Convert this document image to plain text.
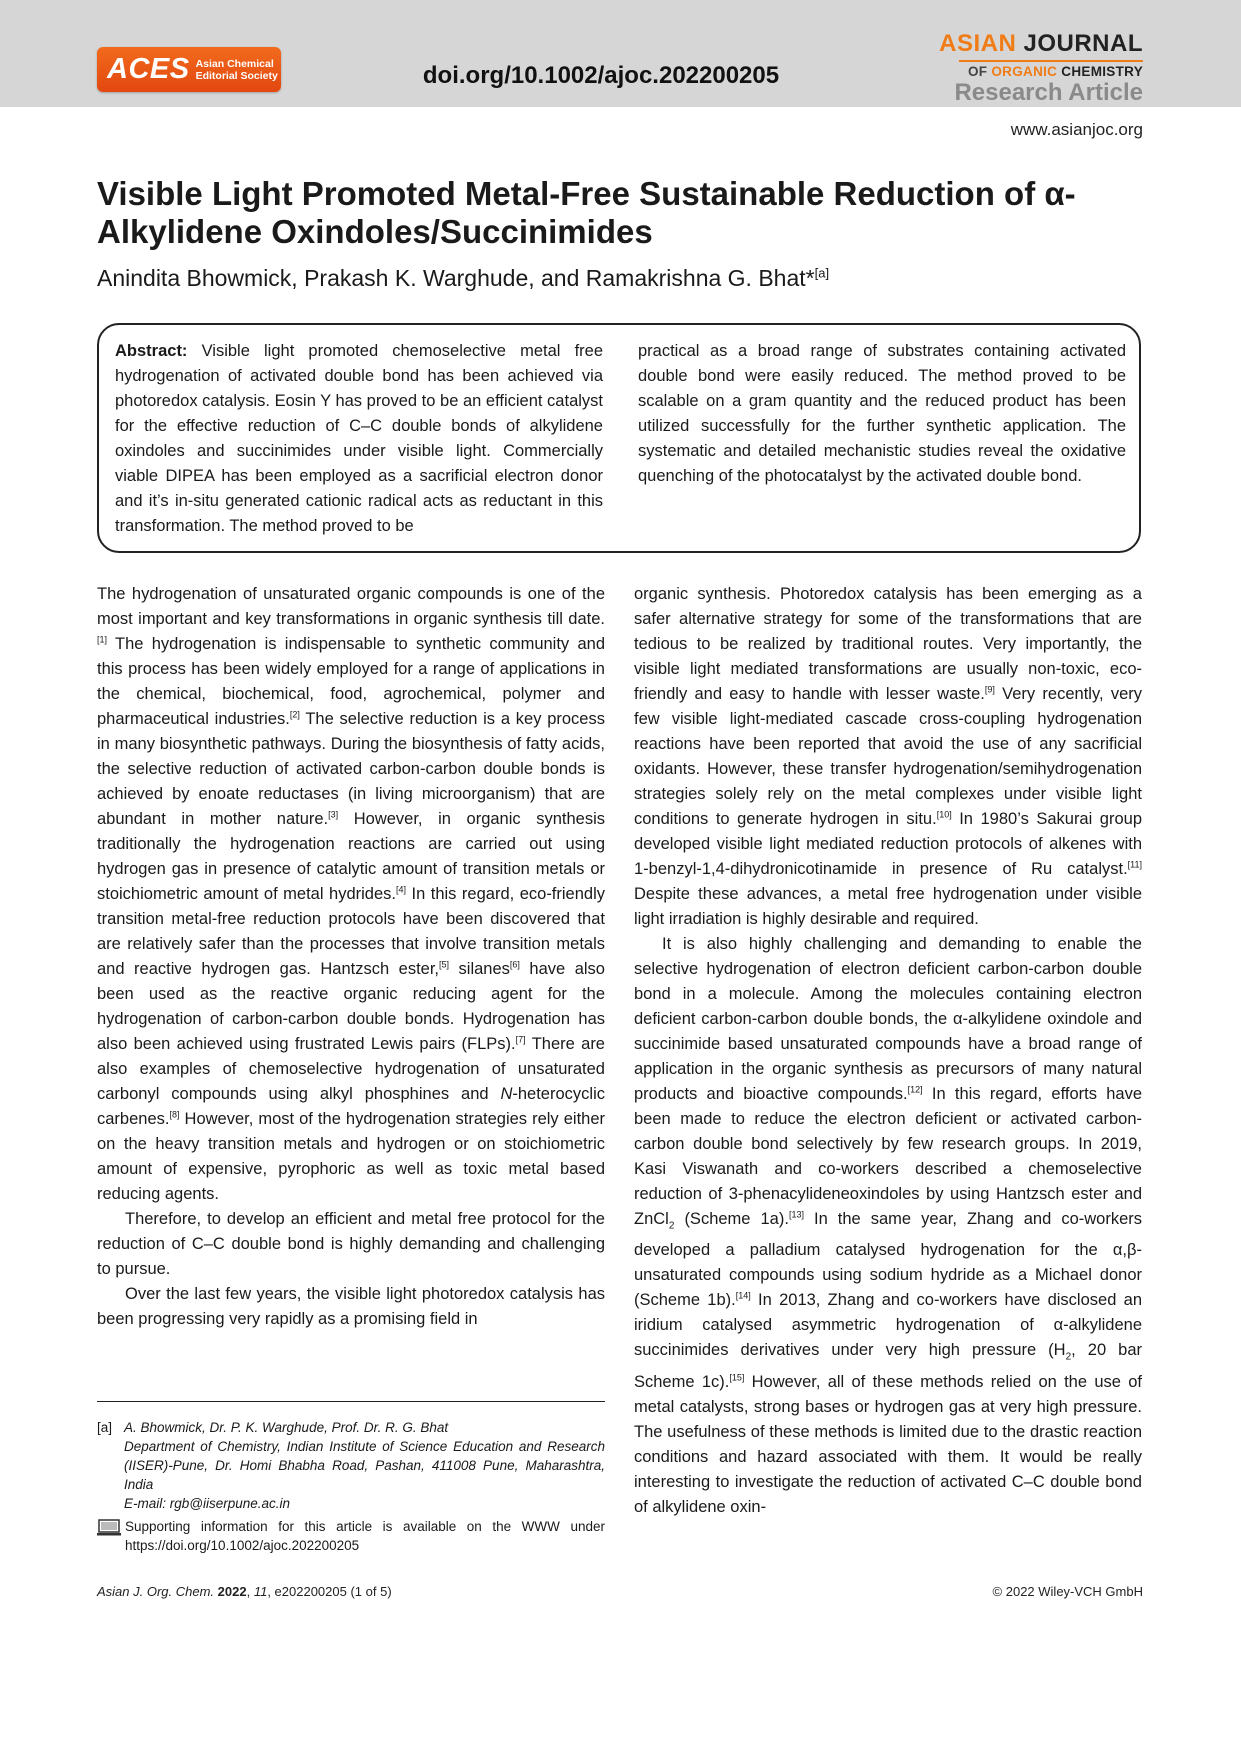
ACES Asian Chemical
Editorial Society	doi.org/10.1002/ajoc.202200205
ASIAN JOURNAL
OF ORGANIC CHEMISTRY
Research Article
www.asianjoc.org
Visible Light Promoted Metal-Free Sustainable Reduction of α-Alkylidene Oxindoles/Succinimides
Anindita Bhowmick, Prakash K. Warghude, and Ramakrishna G. Bhat*[a]
Abstract: Visible light promoted chemoselective metal free hydrogenation of activated double bond has been achieved via photoredox catalysis. Eosin Y has proved to be an efficient catalyst for the effective reduction of C–C double bonds of alkylidene oxindoles and succinimides under visible light. Commercially viable DIPEA has been employed as a sacrificial electron donor and it’s in-situ generated cationic radical acts as reductant in this transformation. The method proved to be
practical as a broad range of substrates containing activated double bond were easily reduced. The method proved to be scalable on a gram quantity and the reduced product has been utilized successfully for the further synthetic application. The systematic and detailed mechanistic studies reveal the oxidative quenching of the photocatalyst by the activated double bond.

The hydrogenation of unsaturated organic compounds is one of the most important and key transformations in organic synthesis till date.[1] The hydrogenation is indispensable to synthetic community and this process has been widely employed for a range of applications in the chemical, biochemical, food, agrochemical, polymer and pharmaceutical industries.[2] The selective reduction is a key process in many biosynthetic pathways. During the biosynthesis of fatty acids, the selective reduction of activated carbon-carbon double bonds is achieved by enoate reductases (in living microorganism) that are abundant in mother nature.[3] However, in organic synthesis traditionally the hydrogenation reactions are carried out using hydrogen gas in presence of catalytic amount of transition metals or stoichiometric amount of metal hydrides.[4] In this regard, eco-friendly transition metal-free reduction protocols have been discovered that are relatively safer than the processes that involve transition metals and reactive hydrogen gas. Hantzsch ester,[5] silanes[6] have also been used as the reactive organic reducing agent for the hydrogenation of carbon-carbon double bonds. Hydrogenation has also been achieved using frustrated Lewis pairs (FLPs).[7] There are also examples of chemoselective hydrogenation of unsaturated carbonyl compounds using alkyl phosphines and N-heterocyclic carbenes.[8] However, most of the hydrogenation strategies rely either on the heavy transition metals and hydrogen or on stoichiometric amount of expensive, pyrophoric as well as toxic metal based reducing agents.

Therefore, to develop an efficient and metal free protocol for the reduction of C–C double bond is highly demanding and challenging to pursue.

Over the last few years, the visible light photoredox catalysis has been progressing very rapidly as a promising field in

organic synthesis. Photoredox catalysis has been emerging as a safer alternative strategy for some of the transformations that are tedious to be realized by traditional routes. Very importantly, the visible light mediated transformations are usually non-toxic, eco-friendly and easy to handle with lesser waste.[9] Very recently, very few visible light-mediated cascade cross-coupling hydrogenation reactions have been reported that avoid the use of any sacrificial oxidants. However, these transfer hydrogenation/semihydrogenation strategies solely rely on the metal complexes under visible light conditions to generate hydrogen in situ.[10] In 1980’s Sakurai group developed visible light mediated reduction protocols of alkenes with 1-benzyl-1,4-dihydronicotinamide in presence of Ru catalyst.[11] Despite these advances, a metal free hydrogenation under visible light irradiation is highly desirable and required.

It is also highly challenging and demanding to enable the selective hydrogenation of electron deficient carbon-carbon double bond in a molecule. Among the molecules containing electron deficient carbon-carbon double bonds, the α-alkylidene oxindole and succinimide based unsaturated compounds have a broad range of application in the organic synthesis as precursors of many natural products and bioactive compounds.[12] In this regard, efforts have been made to reduce the electron deficient or activated carbon- carbon double bond selectively by few research groups. In 2019, Kasi Viswanath and co-workers described a chemoselective reduction of 3-phenacylideneoxindoles by using Hantzsch ester and ZnCl$_2$ (Scheme 1a).[13] In the same year, Zhang and co-workers developed a palladium catalysed hydrogenation for the α,β-unsaturated compounds using sodium hydride as a Michael donor (Scheme 1b).[14] In 2013, Zhang and co-workers have disclosed an iridium catalysed asymmetric hydrogenation of α-alkylidene succinimides derivatives under very high pressure ($H_2$, 20 bar Scheme 1c).[15] However, all of these methods relied on the use of metal catalysts, strong bases or hydrogen gas at very high pressure. The usefulness of these methods is limited due to the drastic reaction conditions and hazard associated with them. It would be really interesting to investigate the reduction of activated C–C double bond of alkylidene oxin-

[a] A. Bhowmick, Dr. P. K. Warghude, Prof. Dr. R. G. Bhat
Department of Chemistry, Indian Institute of Science Education and Research (IISER)-Pune, Dr. Homi Bhabha Road, Pashan, 411008 Pune, Maharashtra, India
E-mail: rgb@iiserpune.ac.in
Supporting information for this article is available on the WWW under https://doi.org/10.1002/ajoc.202200205
Asian J. Org. Chem. 2022, 11, e202200205 (1 of 5)	© 2022 Wiley-VCH GmbH
